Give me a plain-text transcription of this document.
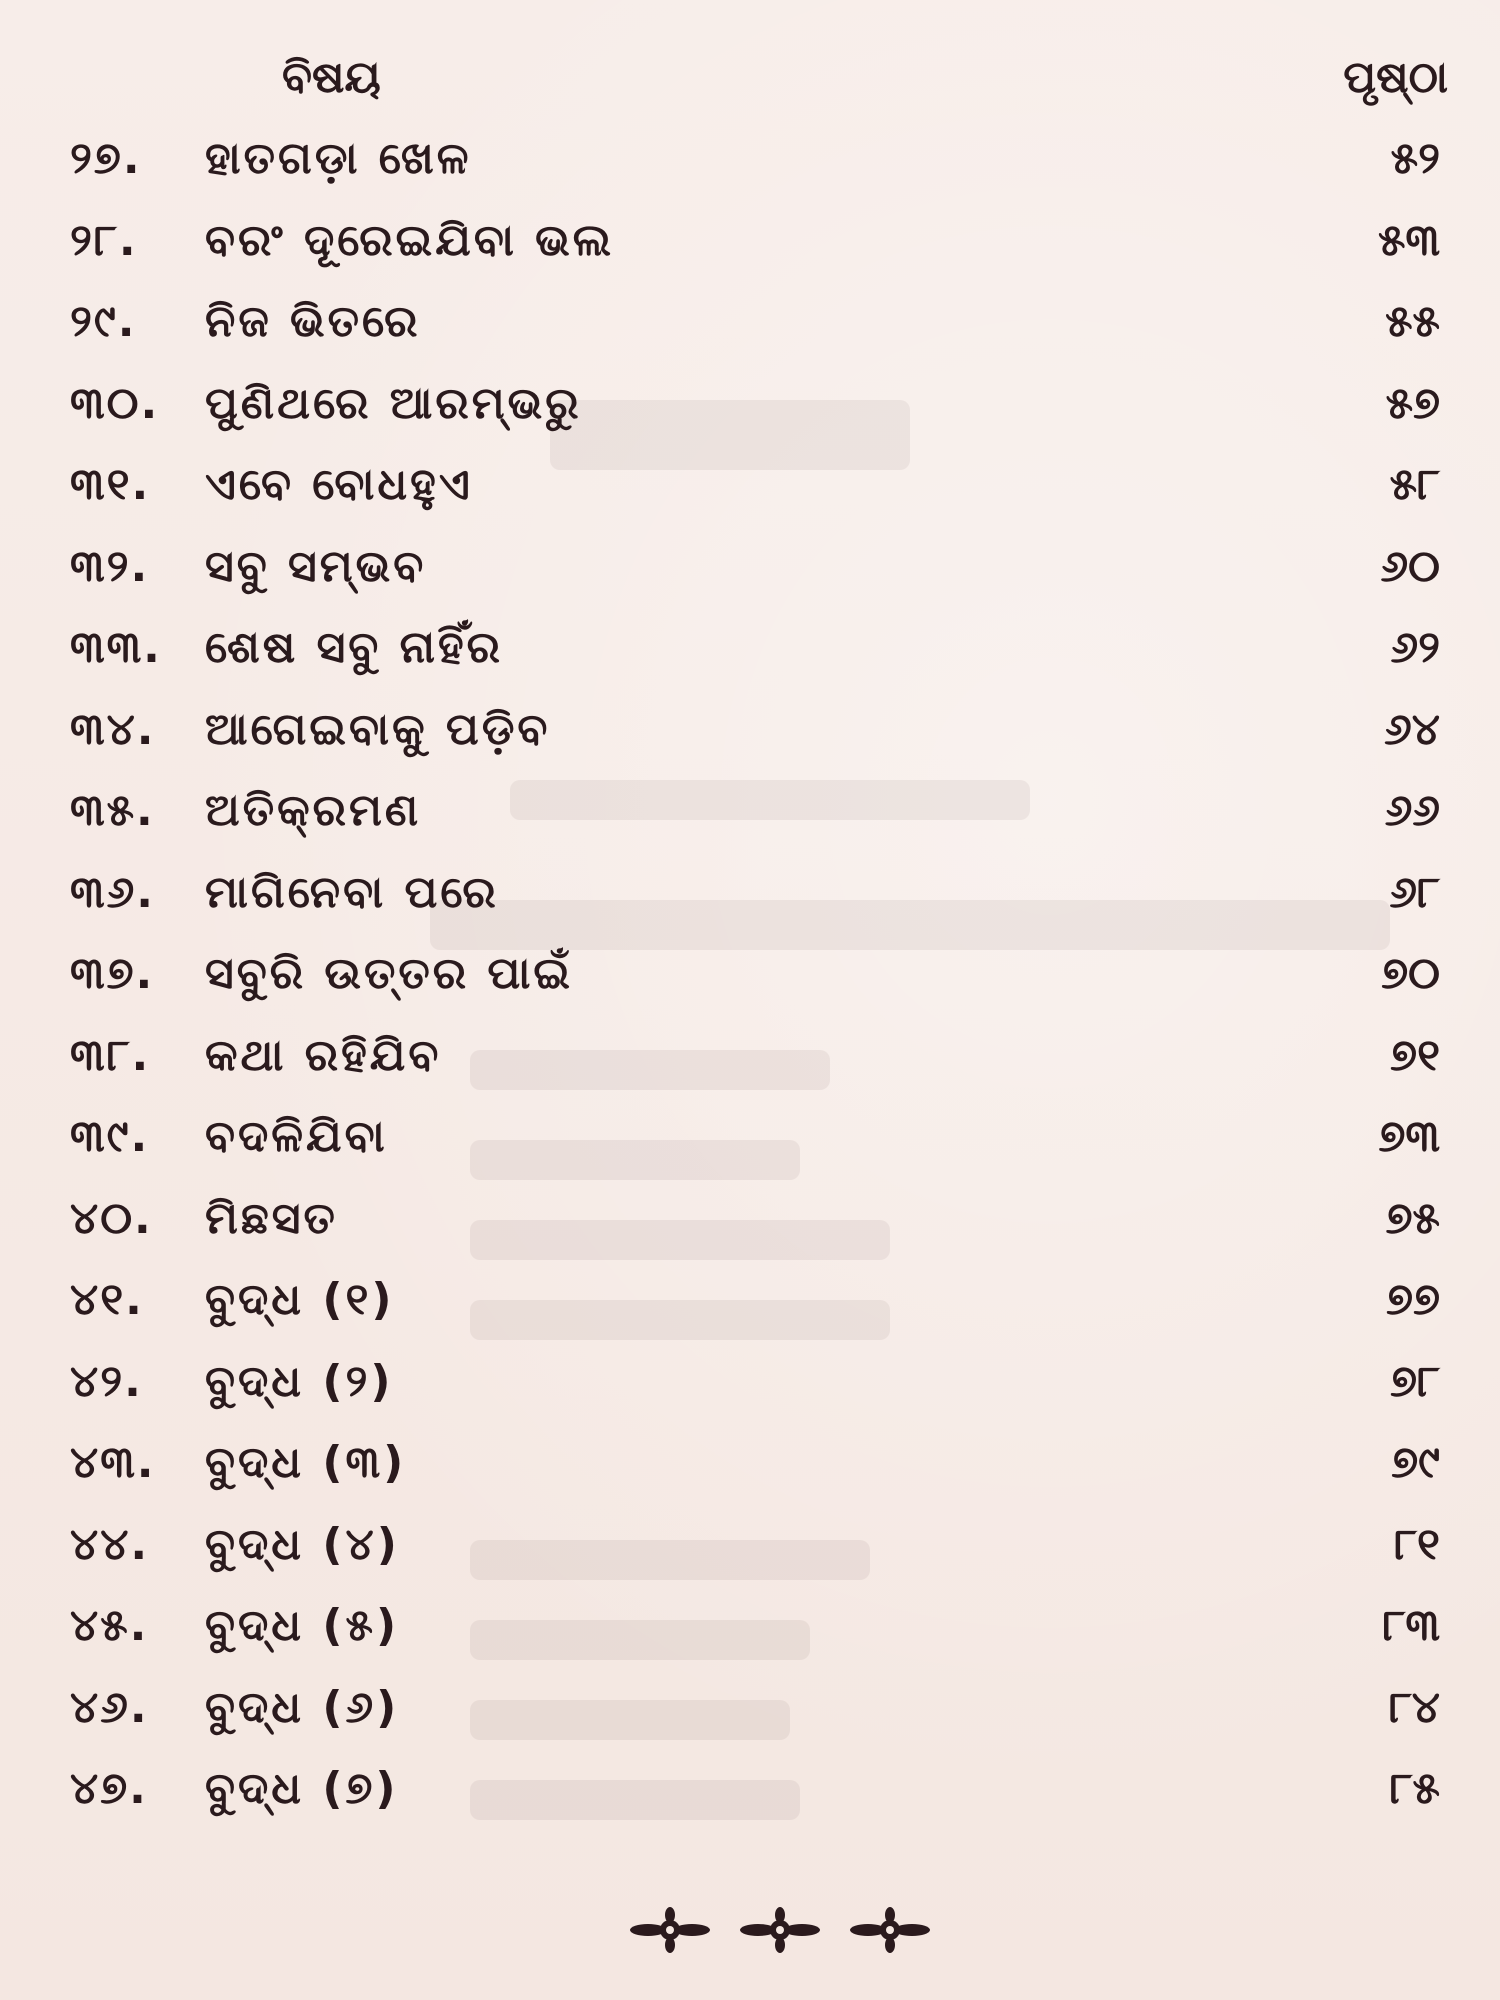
ବିଷୟ	ପୃଷ୍ଠା
୨୭. ହାତଗଡ଼ା ଖେଳ	୫୨
୨୮. ବରଂ ଦୂରେଇଯିବା ଭଲ	୫୩
୨୯. ନିଜ ଭିତରେ	୫୫
୩୦. ପୁଣିଥରେ ଆରମ୍ଭରୁ	୫୭
୩୧. ଏବେ ବୋଧହୁଏ	୫୮
୩୨. ସବୁ ସମ୍ଭବ	୬୦
୩୩. ଶେଷ ସବୁ ନାହିଁର	୬୨
୩୪. ଆଗେଇବାକୁ ପଡ଼ିବ	୬୪
୩୫. ଅତିକ୍ରମଣ	୬୬
୩୬. ମାଗିନେବା ପରେ	୬୮
୩୭. ସବୁରି ଉତ୍ତର ପାଇଁ	୭୦
୩୮. କଥା ରହିଯିବ	୭୧
୩୯. ବଦଳିଯିବା	୭୩
୪୦. ମିଛସତ	୭୫
୪୧. ବୁଦ୍ଧ (୧)	୭୭
୪୨. ବୁଦ୍ଧ (୨)	୭୮
୪୩. ବୁଦ୍ଧ (୩)	୭୯
୪୪. ବୁଦ୍ଧ (୪)	୮୧
୪୫. ବୁଦ୍ଧ (୫)	୮୩
୪୬. ବୁଦ୍ଧ (୬)	୮୪
୪୭. ବୁଦ୍ଧ (୭)	୮୫
